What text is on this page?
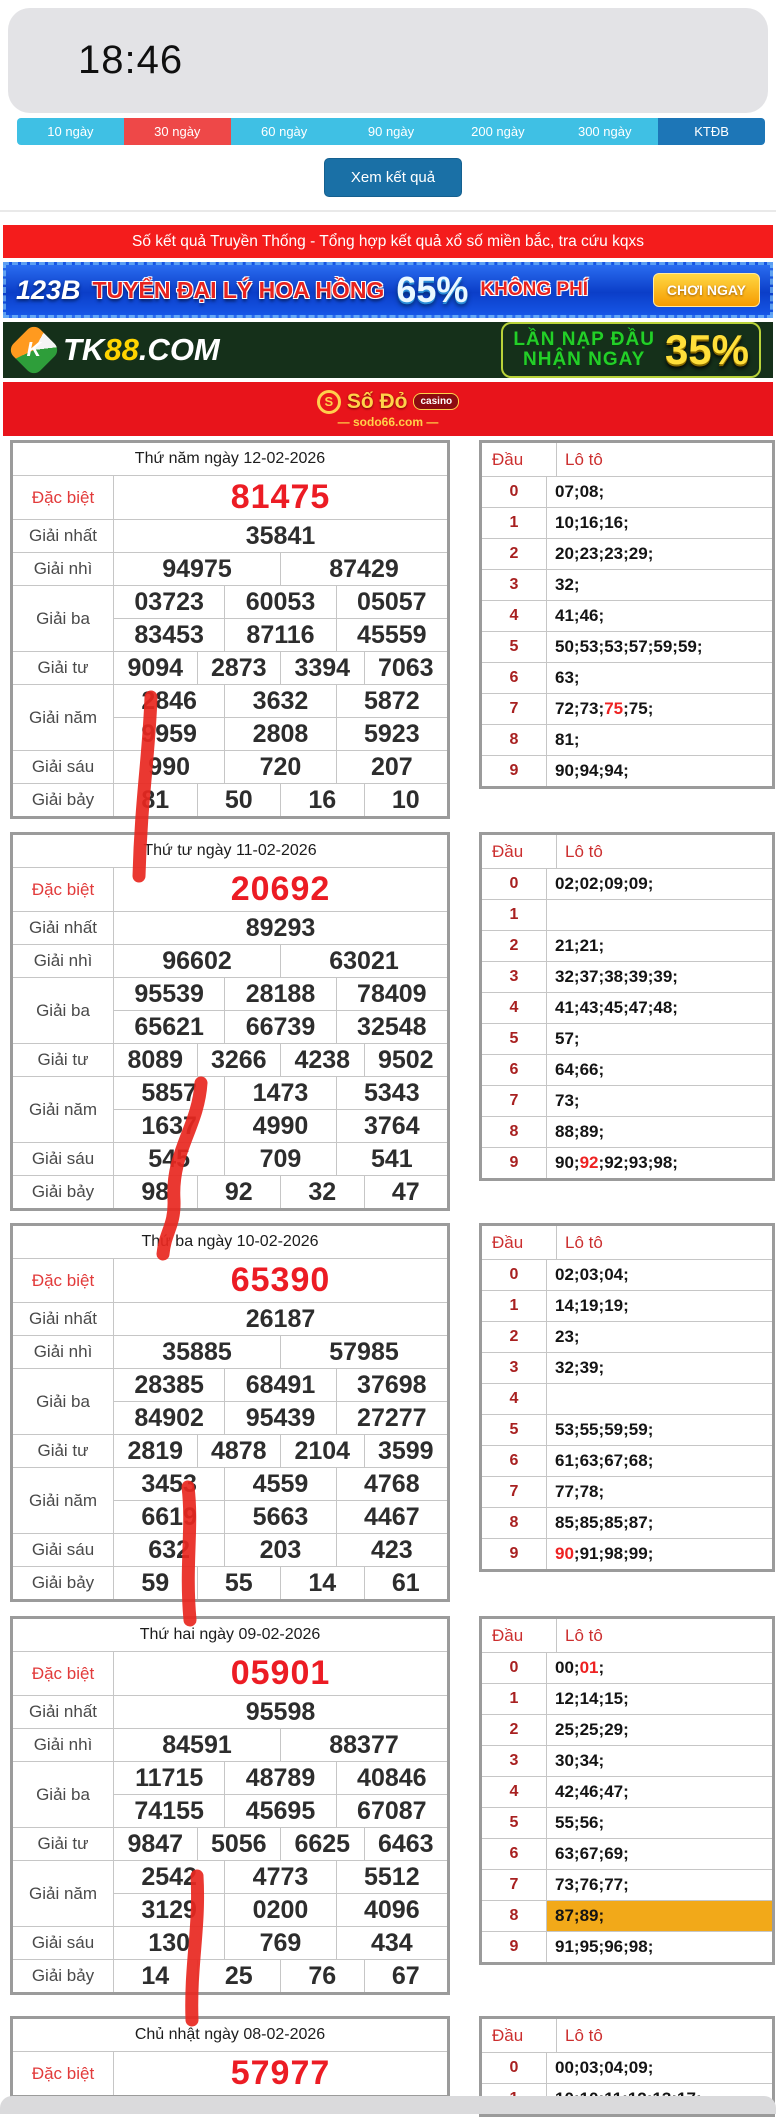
18:46
10 ngày	30 ngày	60 ngày	90 ngày	200 ngày	300 ngày	KTĐB
Xem kết quả
Số kết quả Truyền Thống - Tổng hợp kết quả xổ số miền bắc, tra cứu kqxs
123B TUYỂN ĐẠI LÝ HOA HỒNG 65% KHÔNG PHÍ	CHƠI NGAY
K TK88.COM	LẦN NẠP ĐẦU
NHẬN NGAY 35%
S Số Đỏ	casino
— sodo66.com —
Thứ năm ngày 12-02-2026
Đặc biệt	81475
Giải nhất	35841
Giải nhì	94975	87429
Giải ba
03723	60053	05057
83453	87116	45559
Giải tư	9094	2873	3394	7063
Giải năm
2846	3632	5872
9959	2808	5923
Giải sáu	990	720	207
Giải bảy	81	50	16	10
Đầu	Lô tô
0	07 ; 08 ;
1	10 ; 16 ; 16 ;
2	20 ; 23 ; 23 ; 29 ;
3	32 ;
4	41 ; 46 ;
5	50 ; 53 ; 53 ; 57 ; 59 ; 59 ;
6	63 ;
7	72 ; 73 ; 75 ; 75 ;
8	81 ;
9	90 ; 94 ; 94 ;
Thứ tư ngày 11-02-2026
Đặc biệt	20692
Giải nhất	89293
Giải nhì	96602	63021
Giải ba
95539	28188	78409
65621	66739	32548
Giải tư	8089	3266	4238	9502
Giải năm
5857	1473	5343
1637	4990	3764
Giải sáu	545	709	541
Giải bảy	98	92	32	47
Đầu	Lô tô
0	02 ; 02 ; 09 ; 09 ;
1
2	21 ; 21 ;
3	32 ; 37 ; 38 ; 39 ; 39 ;
4	41 ; 43 ; 45 ; 47 ; 48 ;
5	57 ;
6	64 ; 66 ;
7	73 ;
8	88 ; 89 ;
9	90 ; 92 ; 92 ; 93 ; 98 ;
Thứ ba ngày 10-02-2026
Đặc biệt	65390
Giải nhất	26187
Giải nhì	35885	57985
Giải ba
28385	68491	37698
84902	95439	27277
Giải tư	2819	4878	2104	3599
Giải năm
3453	4559	4768
6619	5663	4467
Giải sáu	632	203	423
Giải bảy	59	55	14	61
Đầu	Lô tô
0	02 ; 03 ; 04 ;
1	14 ; 19 ; 19 ;
2	23 ;
3	32 ; 39 ;
4
5	53 ; 55 ; 59 ; 59 ;
6	61 ; 63 ; 67 ; 68 ;
7	77 ; 78 ;
8	85 ; 85 ; 85 ; 87 ;
9	90 ; 91 ; 98 ; 99 ;
Thứ hai ngày 09-02-2026
Đặc biệt	05901
Giải nhất	95598
Giải nhì	84591	88377
Giải ba
11715	48789	40846
74155	45695	67087
Giải tư	9847	5056	6625	6463
Giải năm
2542	4773	5512
3129	0200	4096
Giải sáu	130	769	434
Giải bảy	14	25	76	67
Đầu	Lô tô
0	00 ; 01 ;
1	12 ; 14 ; 15 ;
2	25 ; 25 ; 29 ;
3	30 ; 34 ;
4	42 ; 46 ; 47 ;
5	55 ; 56 ;
6	63 ; 67 ; 69 ;
7	73 ; 76 ; 77 ;
8	87 ; 89 ;
9	91 ; 95 ; 96 ; 98 ;
Chủ nhật ngày 08-02-2026
Đặc biệt	57977
Đầu	Lô tô
0	00 ; 03 ; 04 ; 09 ;
